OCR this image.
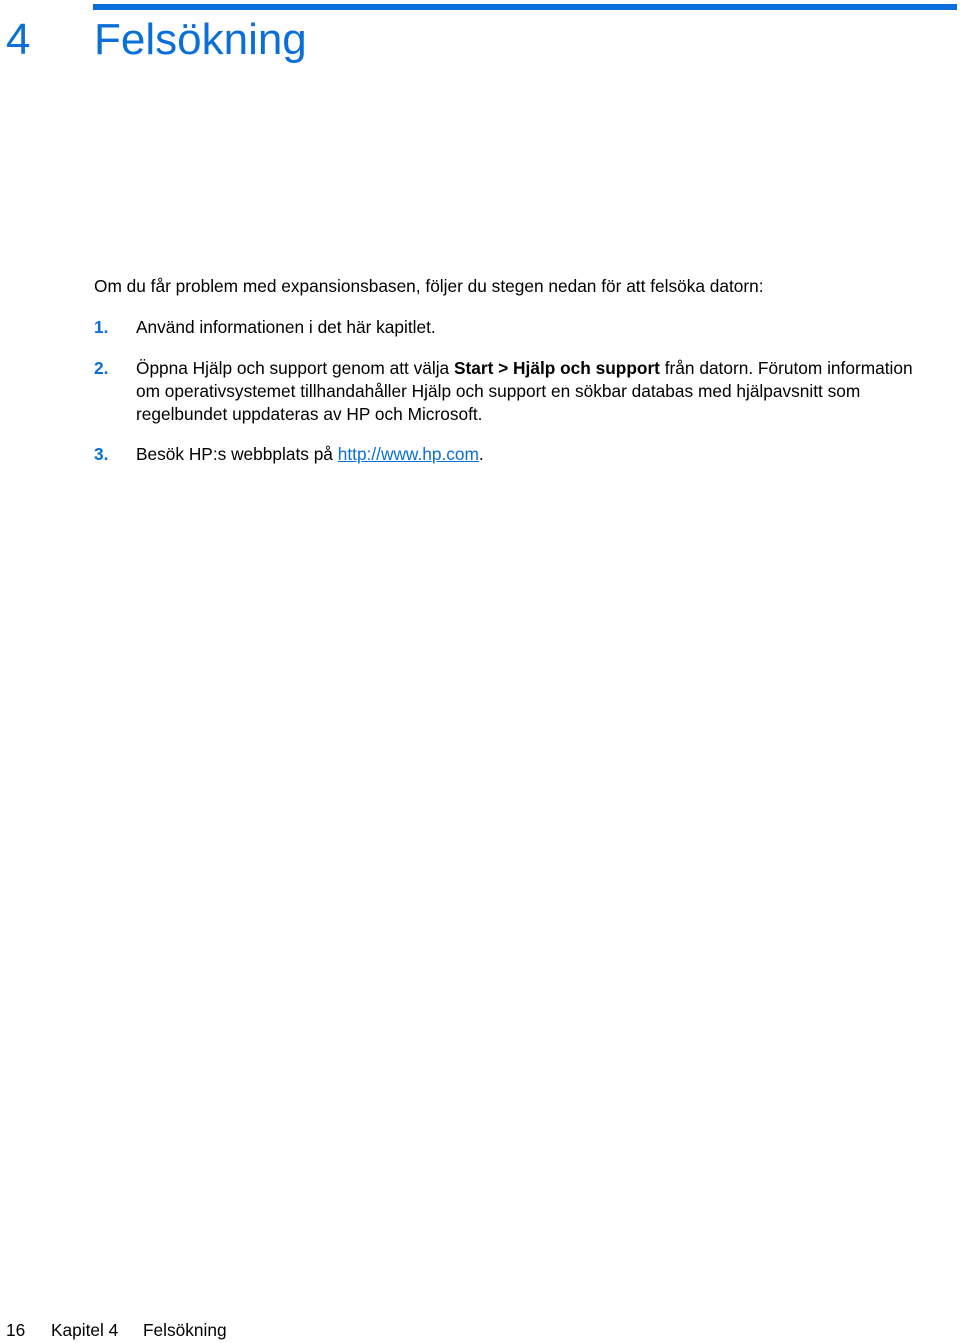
4 Felsökning

Om du får problem med expansionsbasen, följer du stegen nedan för att felsöka datorn:

1. Använd informationen i det här kapitlet.
2. Öppna Hjälp och support genom att välja Start > Hjälp och support från datorn. Förutom information om operativsystemet tillhandahåller Hjälp och support en sökbar databas med hjälpavsnitt som regelbundet uppdateras av HP och Microsoft.
3. Besök HP:s webbplats på http://www.hp.com.
16 Kapitel 4 Felsökning
